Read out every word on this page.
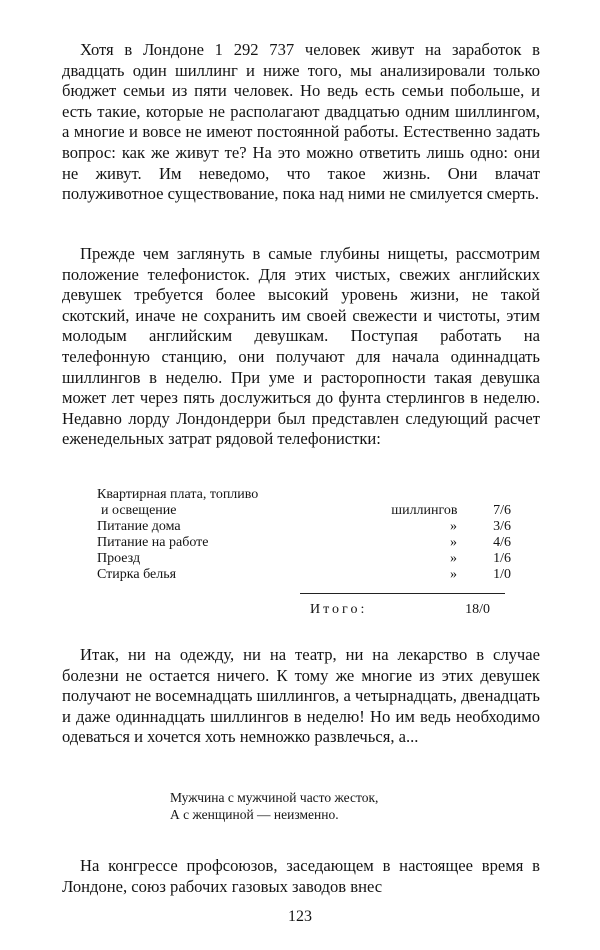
Хотя в Лондоне 1 292 737 человек живут на заработок в двадцать один шиллинг и ниже того, мы анализировали только бюджет семьи из пяти человек. Но ведь есть семьи побольше, и есть такие, которые не располагают двадцатью одним шиллингом, а многие и вовсе не имеют постоянной работы. Естественно задать вопрос: как же живут те? На это можно ответить лишь одно: они не живут. Им неведомо, что такое жизнь. Они влачат полуживотное существование, пока над ними не смилуется смерть.

Прежде чем заглянуть в самые глубины нищеты, рассмотрим положение телефонисток. Для этих чистых, свежих английских девушек требуется более высокий уровень жизни, не такой скотский, иначе не сохранить им своей свежести и чистоты, этим молодым английским девушкам. Поступая работать на телефонную станцию, они получают для начала одиннадцать шиллингов в неделю. При уме и расторопности такая девушка может лет через пять дослужиться до фунта стерлингов в неделю. Недавно лорду Лондондерри был представлен следующий расчет еженедельных затрат рядовой телефонистки:

Квартирная плата, топливо
и освещение	шиллингов	7/6
Питание дома	»	3/6
Питание на работе	»	4/6
Проезд	»	1/6
Стирка белья	»	1/0
Итого:	18/0

Итак, ни на одежду, ни на театр, ни на лекарство в случае болезни не остается ничего. К тому же многие из этих девушек получают не восемнадцать шиллингов, а четырнадцать, двенадцать и даже одиннадцать шиллингов в неделю! Но им ведь необходимо одеваться и хочется хоть немножко развлечься, а...

Мужчина с мужчиной часто жесток,
А с женщиной — неизменно.

На конгрессе профсоюзов, заседающем в настоящее время в Лондоне, союз рабочих газовых заводов внес

123
